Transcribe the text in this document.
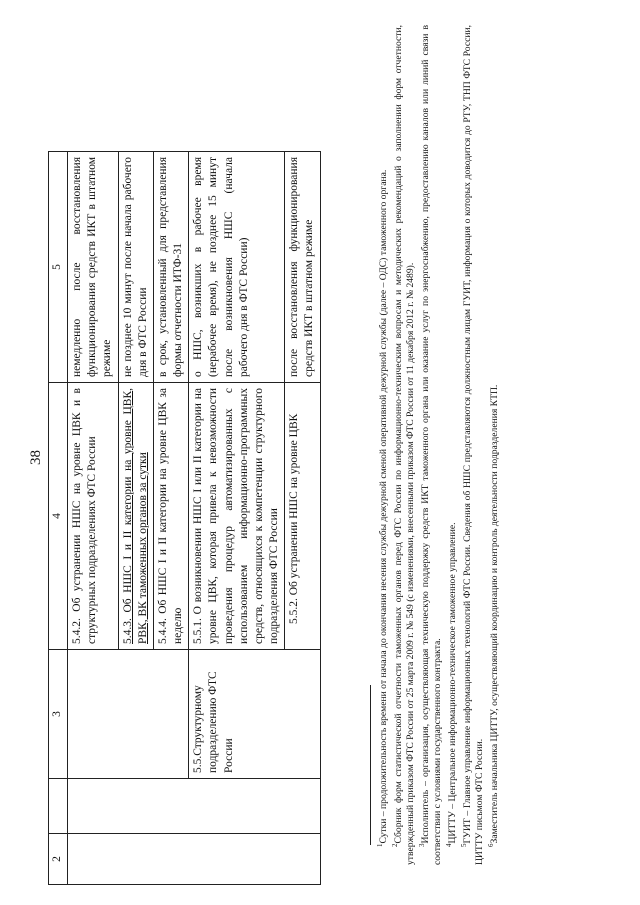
38
2		3	4	5
			5.4.2. Об устранении НШС на уровне ЦВК и в структурных подразделениях ФТС России	немедленно после восстановления функционирования средств ИКТ в штатном режиме
			5.4.3. Об НШС I и II категории на уровне ЦВК, РВК, ВК таможенных органов за сутки	не позднее 10 минут после начала рабочего дня в ФТС России
			5.4.4. Об НШС I и II категории на уровне ЦВК за неделю	в срок, установленный для представления формы отчетности ИТФ-31
		5.5.Структурному подразделению ФТС России	5.5.1. О возникновении НШС I или II категории на уровне ЦВК, которая привела к невозможности проведения процедур автоматизированных с использованием информационно-программных средств, относящихся к компетенции структурного подразделения ФТС России	о НШС, возникших в рабочее время (нерабочее время), не позднее 15 минут после возникновения НШС (начала рабочего дня в ФТС России)
			5.5.2. Об устранении НШС на уровне ЦВК	после восстановления функционирования средств ИКТ в штатном режиме

$^1$Сутки – продолжительность времени от начала до окончания несения службы дежурной сменой оперативной дежурной службы (далее – ОДС) таможенного органа.

$^2$Сборник форм статистической отчетности таможенных органов перед ФТС России по информационно-техническим вопросам и методических рекомендаций о заполнении форм отчетности, утвержденный приказом ФТС России от 25 марта 2009 г. № 549 (с изменениями, внесенными приказом ФТС России от 11 декабря 2012 г. № 2489). $^3$Исполнитель – организация, осуществляющая техническую поддержку средств ИКТ таможенного органа или оказание услуг по энергоснабжению, предоставлению каналов или линий связи в соответствии с условиями государственного контракта. $^4$ЦИТТУ – Центральное информационно-техническое таможенное управление.

$^5$ГУИТ – Главное управление информационных технологий ФТС России. Сведения об НШС представляются должностным лицам ГУИТ, информация о которых доводится до РТУ, ТНП ФТС России, ЦИТТУ письмом ФТС России. $^6$Заместитель начальника ЦИТТУ, осуществляющий координацию и контроль деятельности подразделения КТП.
